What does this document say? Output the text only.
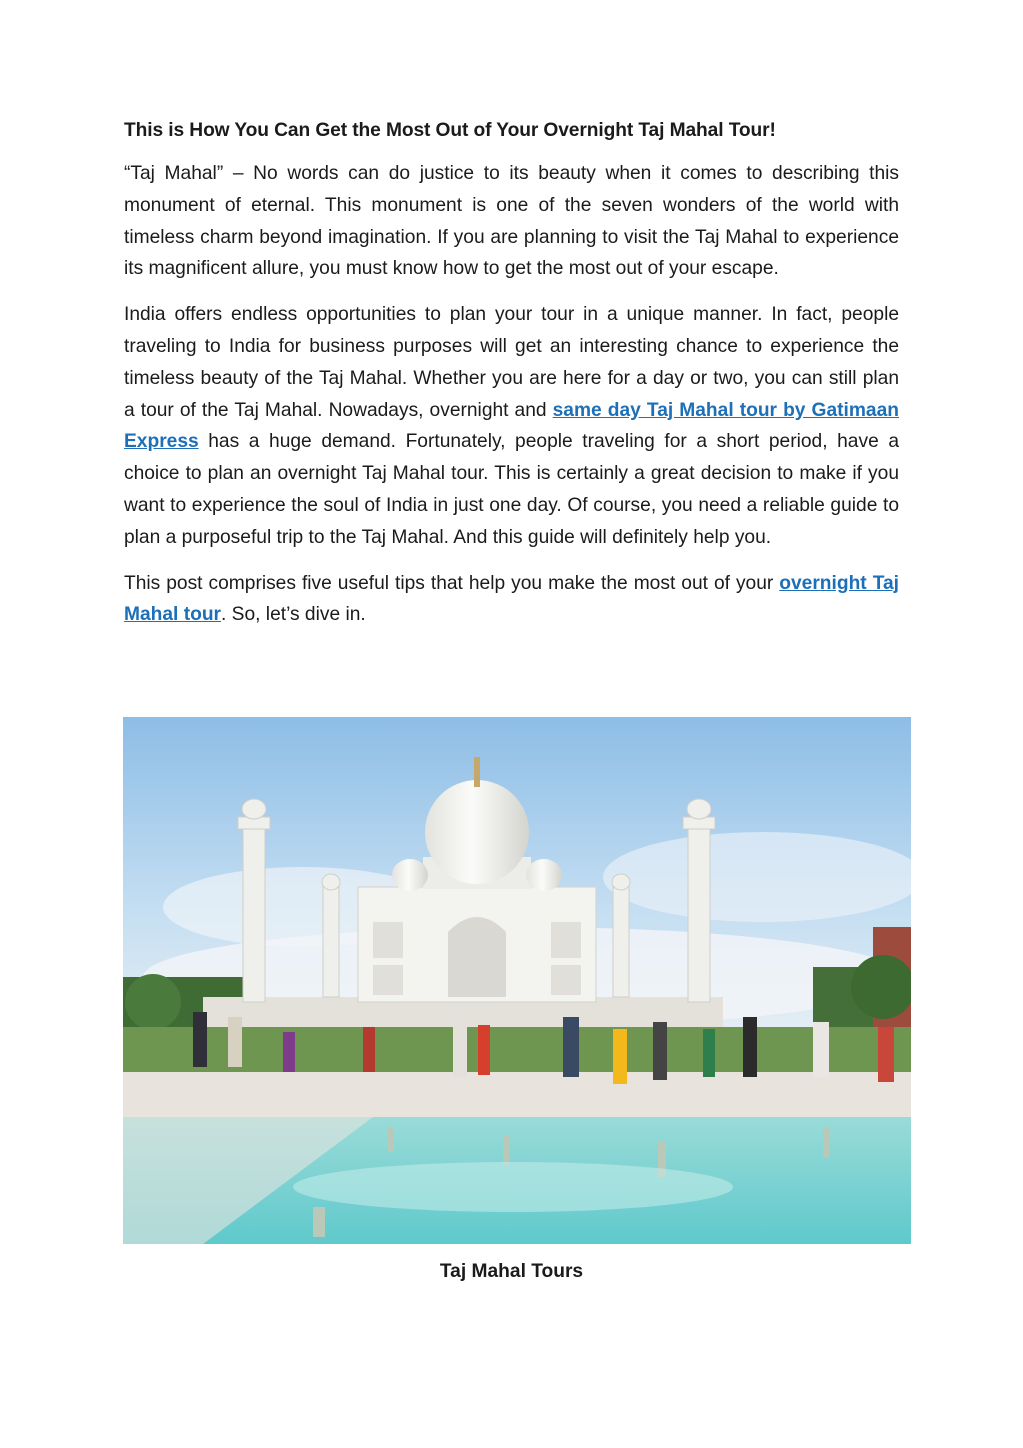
This is How You Can Get the Most Out of Your Overnight Taj Mahal Tour!

“Taj Mahal” – No words can do justice to its beauty when it comes to describing this monument of eternal. This monument is one of the seven wonders of the world with timeless charm beyond imagination. If you are planning to visit the Taj Mahal to experience its magnificent allure, you must know how to get the most out of your escape.

India offers endless opportunities to plan your tour in a unique manner. In fact, people traveling to India for business purposes will get an interesting chance to experience the timeless beauty of the Taj Mahal. Whether you are here for a day or two, you can still plan a tour of the Taj Mahal. Nowadays, overnight and same day Taj Mahal tour by Gatimaan Express has a huge demand. Fortunately, people traveling for a short period, have a choice to plan an overnight Taj Mahal tour. This is certainly a great decision to make if you want to experience the soul of India in just one day. Of course, you need a reliable guide to plan a purposeful trip to the Taj Mahal. And this guide will definitely help you.

This post comprises five useful tips that help you make the most out of your overnight Taj Mahal tour. So, let’s dive in.

Taj Mahal Tours
